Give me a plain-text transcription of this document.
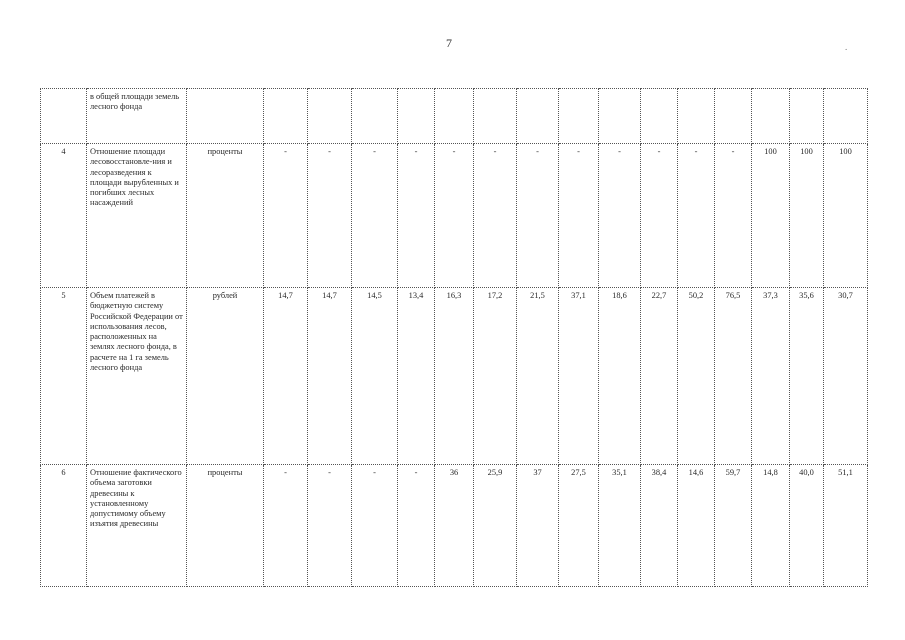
7	.
	в общей площади земель лесного фонда																
4	Отношение площади лесовосстановле-ния и лесоразведения к площади вырубленных и погибших лесных насаждений	проценты	-	-	-	-	-	-	-	-	-	-	-	-	100	100	100
5	Объем платежей в бюджетную систему Российской Федерации от использования лесов, расположенных на землях лесного фонда, в расчете на 1 га земель лесного фонда	рублей	14,7	14,7	14,5	13,4	16,3	17,2	21,5	37,1	18,6	22,7	50,2	76,5	37,3	35,6	30,7
6	Отношение фактического объема заготовки древесины к установленному допустимому объему изъятия древесины	проценты	-	-	-	-	36	25,9	37	27,5	35,1	38,4	14,6	59,7	14,8	40,0	51,1
